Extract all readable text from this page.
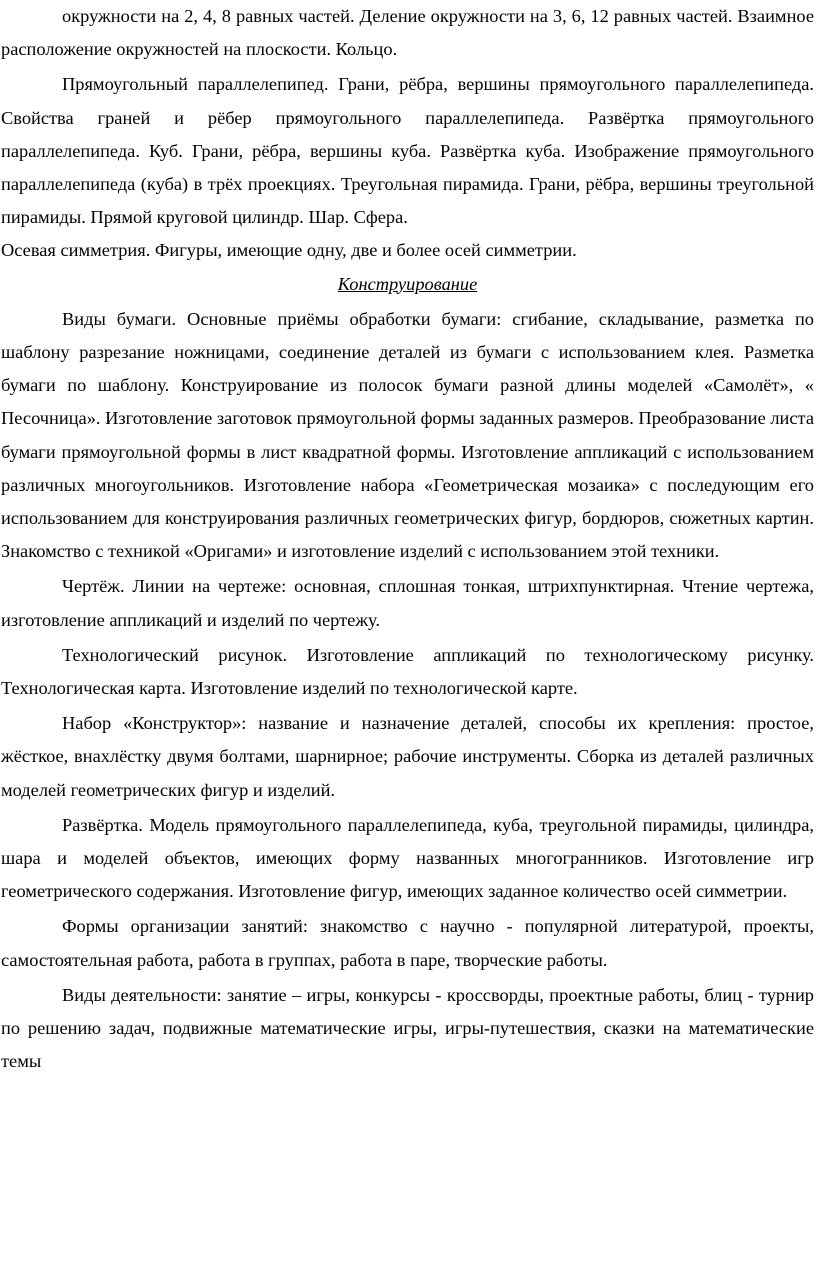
окружности на 2, 4, 8 равных частей. Деление окружности на 3, 6, 12 равных частей. Взаимное расположение окружностей на плоскости. Кольцо.

Прямоугольный параллелепипед. Грани, рёбра, вершины прямоугольного параллелепипеда. Свойства граней и рёбер прямоугольного параллелепипеда. Развёртка прямоугольного параллелепипеда. Куб. Грани, рёбра, вершины куба. Развёртка куба. Изображение прямоугольного параллелепипеда (куба) в трёх проекциях. Треугольная пирамида. Грани, рёбра, вершины треугольной пирамиды. Прямой круговой цилиндр. Шар. Сфера.

Осевая симметрия. Фигуры, имеющие одну, две и более осей симметрии.

Конструирование

Виды бумаги. Основные приёмы обработки бумаги: сгибание, складывание, разметка по шаблону разрезание ножницами, соединение деталей из бумаги с использованием клея. Разметка бумаги по шаблону. Конструирование из полосок бумаги разной длины моделей «Самолёт», « Песочница». Изготовление заготовок прямоугольной формы заданных размеров. Преобразование листа бумаги прямоугольной формы в лист квадратной формы. Изготовление аппликаций с использованием различных многоугольников. Изготовление набора «Геометрическая мозаика» с последующим его использованием для конструирования различных геометрических фигур, бордюров, сюжетных картин. Знакомство с техникой «Оригами» и изготовление изделий с использованием этой техники.

Чертёж. Линии на чертеже: основная, сплошная тонкая, штрихпунктирная. Чтение чертежа, изготовление аппликаций и изделий по чертежу.

Технологический рисунок. Изготовление аппликаций по технологическому рисунку. Технологическая карта. Изготовление изделий по технологической карте.

Набор «Конструктор»: название и назначение деталей, способы их крепления: простое, жёсткое, внахлёстку двумя болтами, шарнирное; рабочие инструменты. Сборка из деталей различных моделей геометрических фигур и изделий.

Развёртка. Модель прямоугольного параллелепипеда, куба, треугольной пирамиды, цилиндра, шара и моделей объектов, имеющих форму названных многогранников. Изготовление игр геометрического содержания. Изготовление фигур, имеющих заданное количество осей симметрии.

Формы организации занятий: знакомство с научно - популярной литературой, проекты, самостоятельная работа, работа в группах, работа в паре, творческие работы.

Виды деятельности: занятие – игры, конкурсы - кроссворды, проектные работы, блиц - турнир по решению задач, подвижные математические игры, игры-путешествия, сказки на математические темы
